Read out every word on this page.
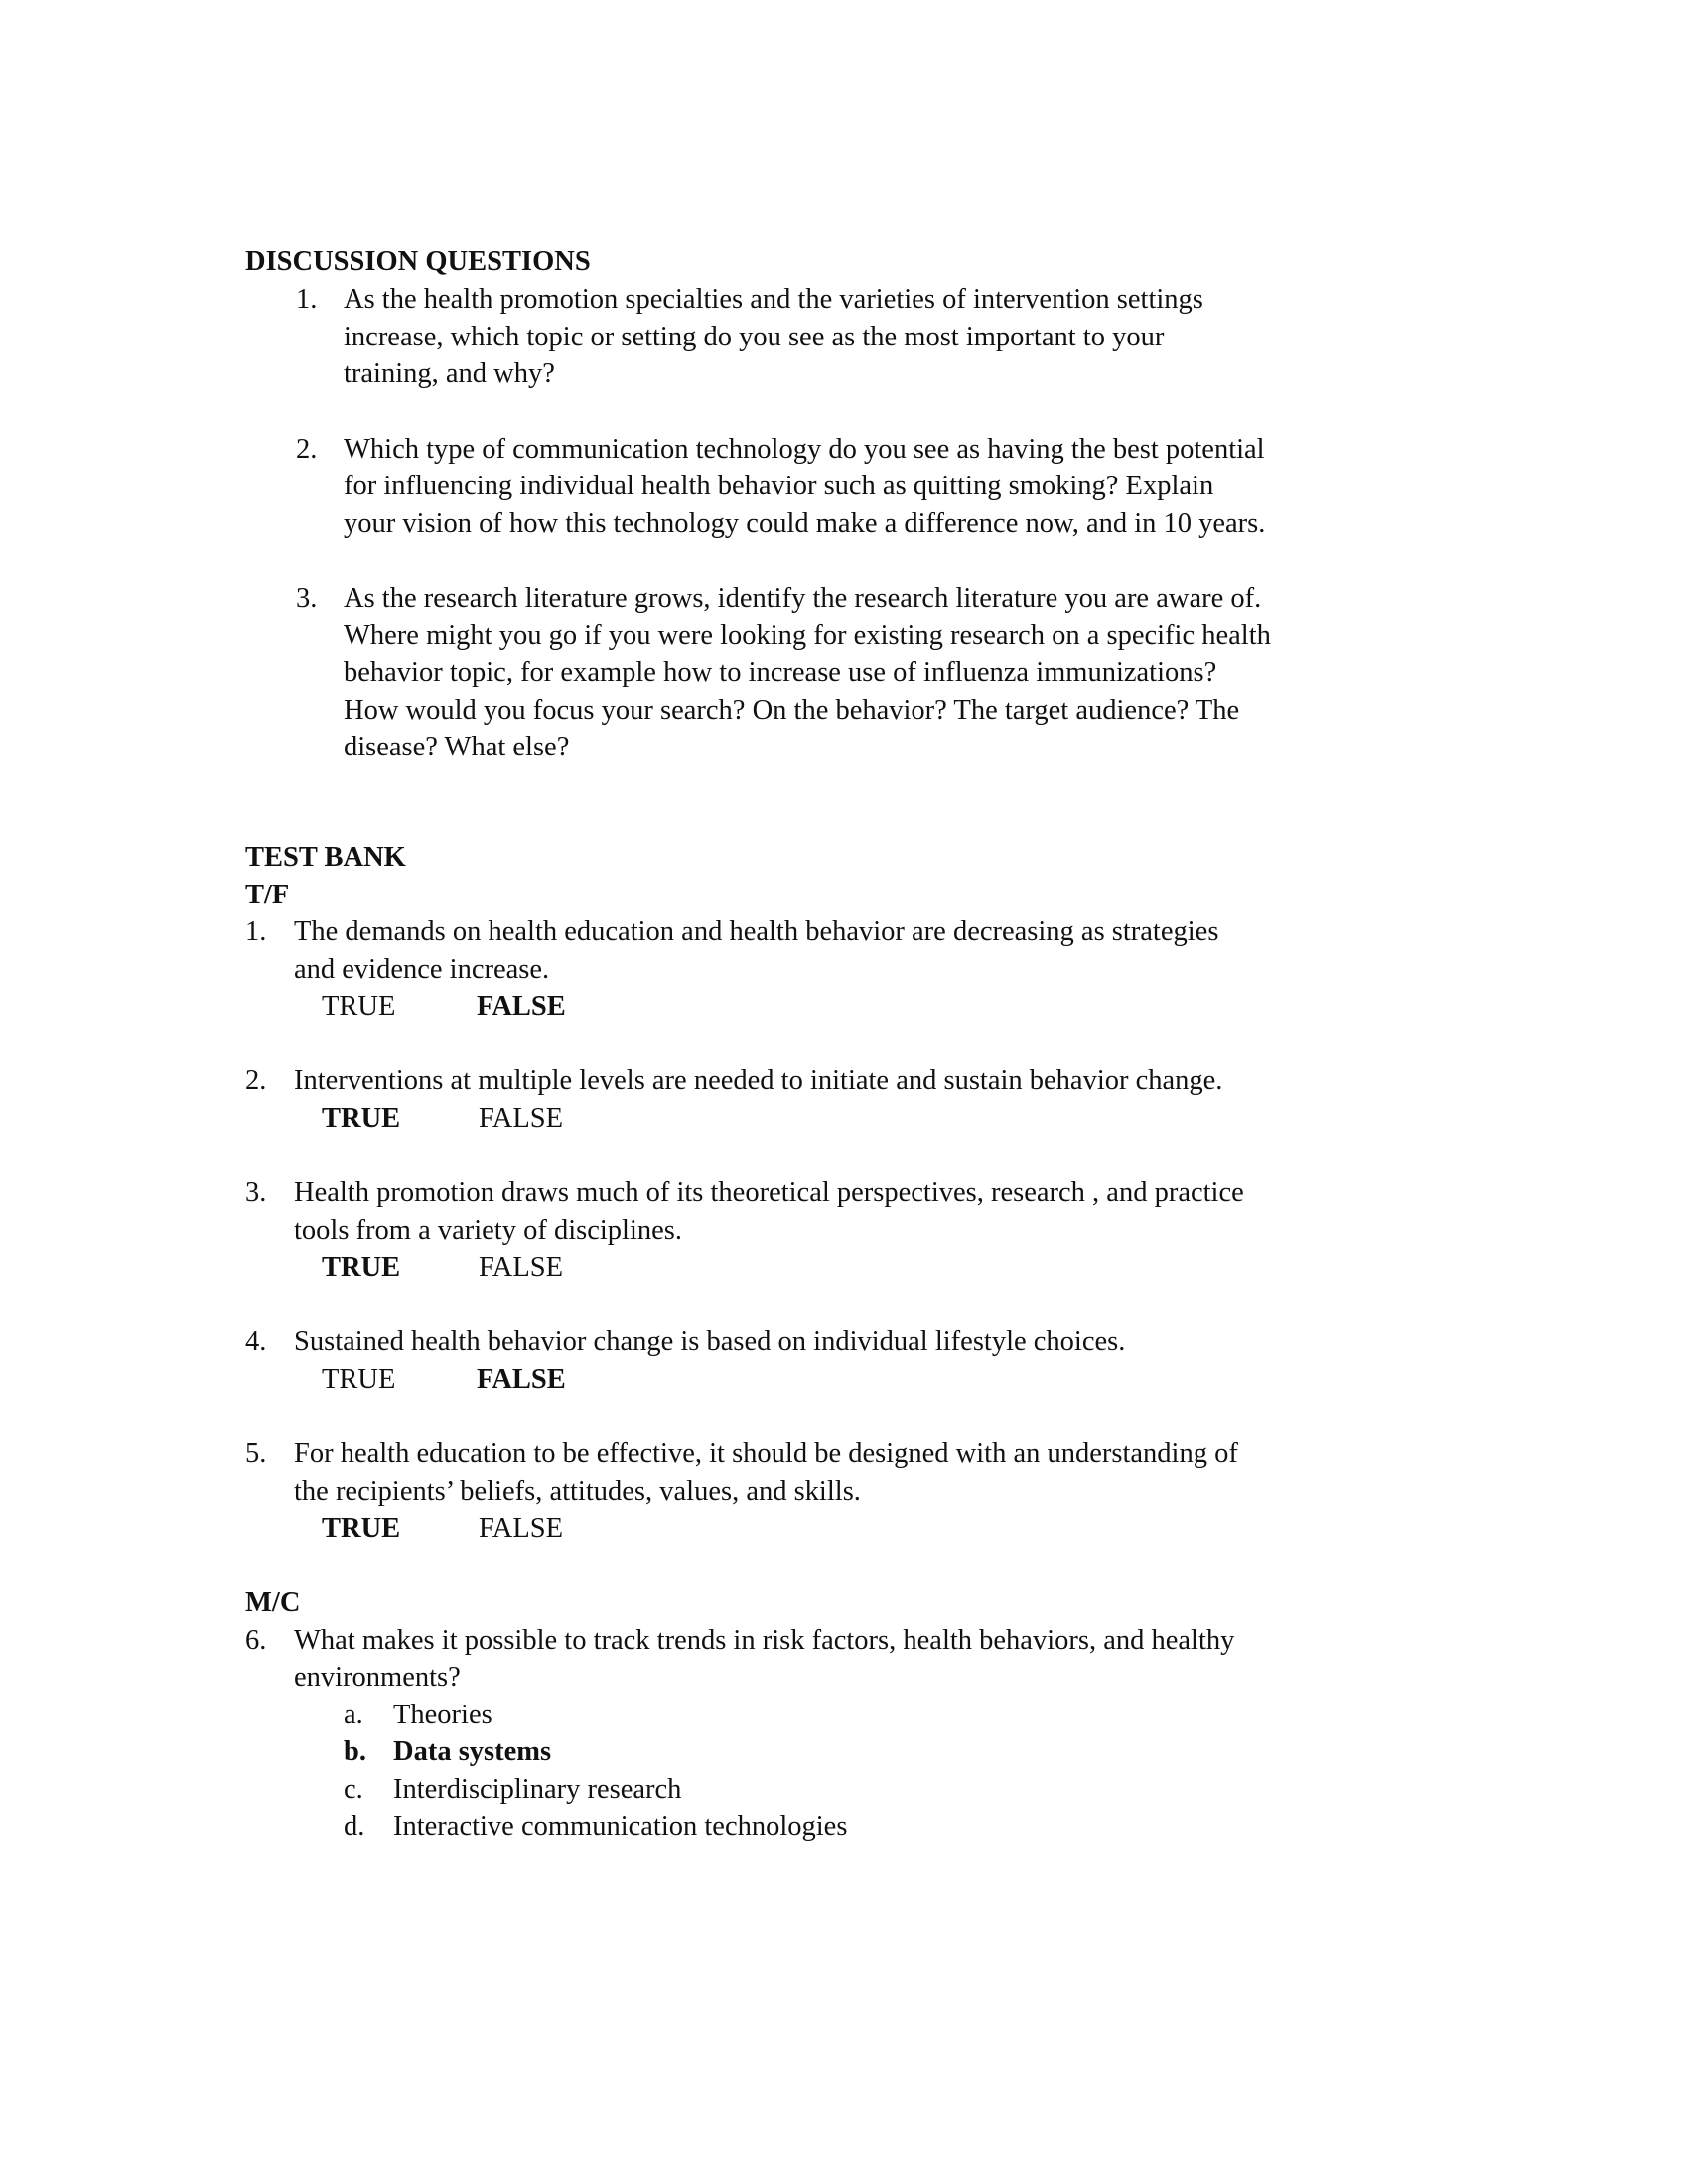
DISCUSSION QUESTIONS
1. As the health promotion specialties and the varieties of intervention settings
increase, which topic or setting do you see as the most important to your
training, and why?
2. Which type of communication technology do you see as having the best potential
for influencing individual health behavior such as quitting smoking? Explain
your vision of how this technology could make a difference now, and in 10 years.
3. As the research literature grows, identify the research literature you are aware of.
Where might you go if you were looking for existing research on a specific health
behavior topic, for example how to increase use of influenza immunizations?
How would you focus your search? On the behavior? The target audience? The
disease? What else?
TEST BANK
T/F
1. The demands on health education and health behavior are decreasing as strategies
and evidence increase.
TRUE	FALSE
2. Interventions at multiple levels are needed to initiate and sustain behavior change.
TRUE	FALSE
3. Health promotion draws much of its theoretical perspectives, research , and practice
tools from a variety of disciplines.
TRUE	FALSE
4. Sustained health behavior change is based on individual lifestyle choices.
TRUE	FALSE
5. For health education to be effective, it should be designed with an understanding of
the recipients’ beliefs, attitudes, values, and skills.
TRUE	FALSE
M/C
6. What makes it possible to track trends in risk factors, health behaviors, and healthy
environments?
a. Theories
b. Data systems
c. Interdisciplinary research
d. Interactive communication technologies
